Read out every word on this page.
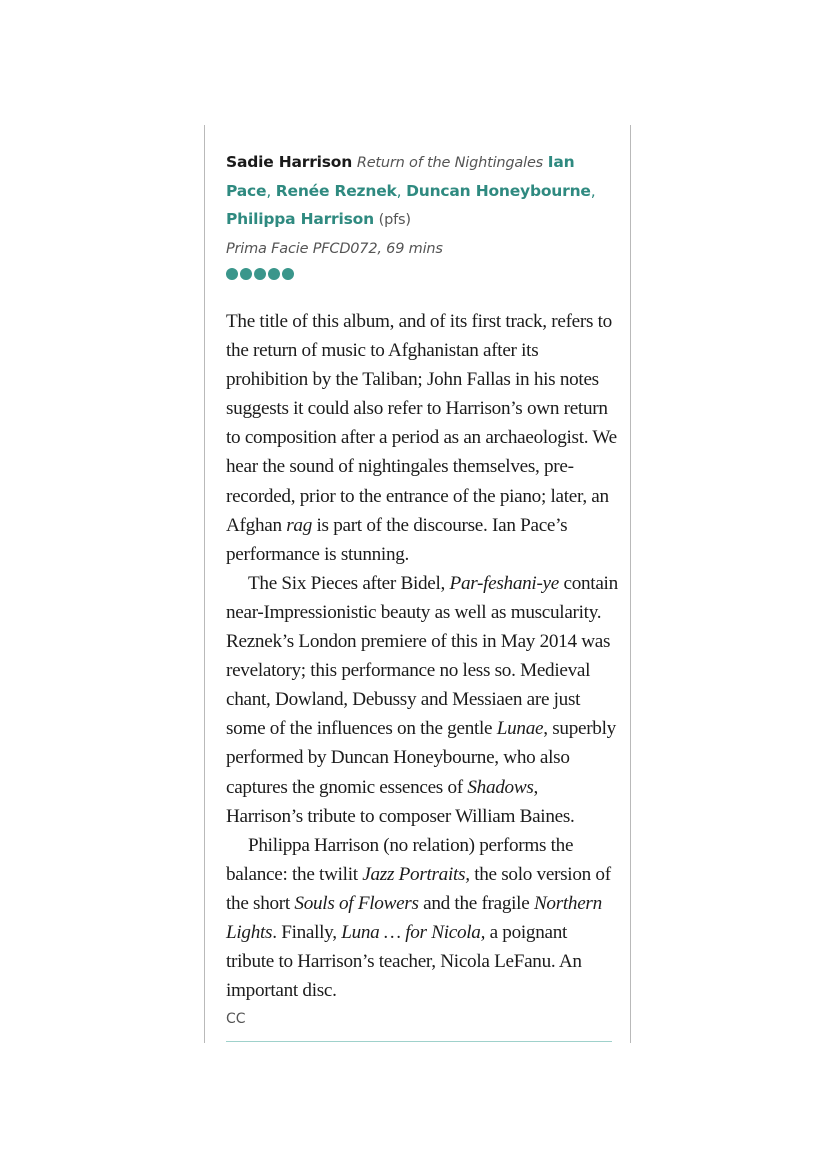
Sadie Harrison Return of the Nightingales Ian Pace, Renée Reznek, Duncan Honeybourne, Philippa Harrison (pfs)
Prima Facie PFCD072, 69 mins

The title of this album, and of its first track, refers to the return of music to Afghanistan after its prohibition by the Taliban; John Fallas in his notes suggests it could also refer to Harrison’s own return to composition after a period as an archaeologist. We hear the sound of nightingales themselves, pre-recorded, prior to the entrance of the piano; later, an Afghan rag is part of the discourse. Ian Pace’s performance is stunning.

The Six Pieces after Bidel, Par-feshani-ye contain near-Impressionistic beauty as well as muscularity. Reznek’s London premiere of this in May 2014 was revelatory; this performance no less so. Medieval chant, Dowland, Debussy and Messiaen are just some of the influences on the gentle Lunae, superbly performed by Duncan Honeybourne, who also captures the gnomic essences of Shadows, Harrison’s tribute to composer William Baines.

Philippa Harrison (no relation) performs the balance: the twilit Jazz Portraits, the solo version of the short Souls of Flowers and the fragile Northern Lights. Finally, Luna … for Nicola, a poignant tribute to Harrison’s teacher, Nicola LeFanu. An important disc.

CC
